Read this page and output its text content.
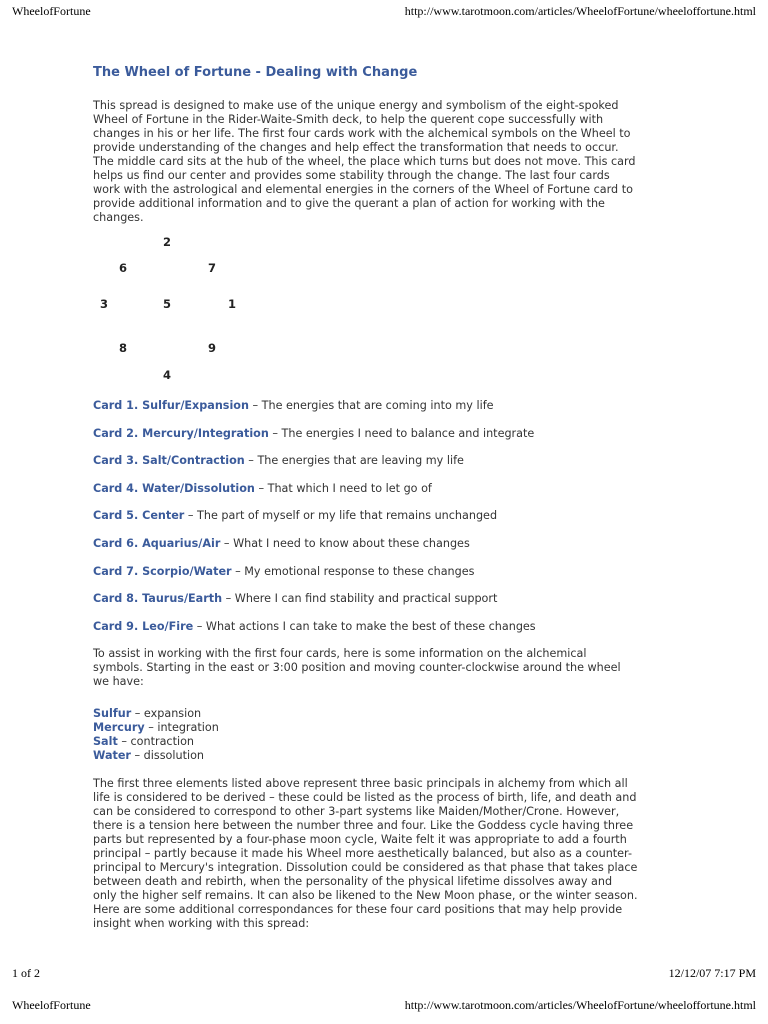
WheelofFortune	http://www.tarotmoon.com/articles/WheelofFortune/wheeloffortune.html
The Wheel of Fortune - Dealing with Change

This spread is designed to make use of the unique energy and symbolism of the eight-spoked Wheel of Fortune in the Rider-Waite-Smith deck, to help the querent cope successfully with changes in his or her life. The first four cards work with the alchemical symbols on the Wheel to provide understanding of the changes and help effect the transformation that needs to occur. The middle card sits at the hub of the wheel, the place which turns but does not move. This card helps us find our center and provides some stability through the change. The last four cards work with the astrological and elemental energies in the corners of the Wheel of Fortune card to provide additional information and to give the querant a plan of action for working with the changes.

2
6	7
3	5	1
8	9
4
Card 1. Sulfur/Expansion – The energies that are coming into my life
Card 2. Mercury/Integration – The energies I need to balance and integrate
Card 3. Salt/Contraction – The energies that are leaving my life
Card 4. Water/Dissolution – That which I need to let go of
Card 5. Center – The part of myself or my life that remains unchanged
Card 6. Aquarius/Air – What I need to know about these changes
Card 7. Scorpio/Water – My emotional response to these changes
Card 8. Taurus/Earth – Where I can find stability and practical support
Card 9. Leo/Fire – What actions I can take to make the best of these changes

To assist in working with the first four cards, here is some information on the alchemical symbols. Starting in the east or 3:00 position and moving counter-clockwise around the wheel we have:

Sulfur – expansion
Mercury – integration
Salt – contraction
Water – dissolution

The first three elements listed above represent three basic principals in alchemy from which all life is considered to be derived – these could be listed as the process of birth, life, and death and can be considered to correspond to other 3-part systems like Maiden/Mother/Crone. However, there is a tension here between the number three and four. Like the Goddess cycle having three parts but represented by a four-phase moon cycle, Waite felt it was appropriate to add a fourth principal – partly because it made his Wheel more aesthetically balanced, but also as a counter-principal to Mercury's integration. Dissolution could be considered as that phase that takes place between death and rebirth, when the personality of the physical lifetime dissolves away and only the higher self remains. It can also be likened to the New Moon phase, or the winter season. Here are some additional correspondances for these four card positions that may help provide insight when working with this spread:

1 of 2	12/12/07 7:17 PM
WheelofFortune	http://www.tarotmoon.com/articles/WheelofFortune/wheeloffortune.html
